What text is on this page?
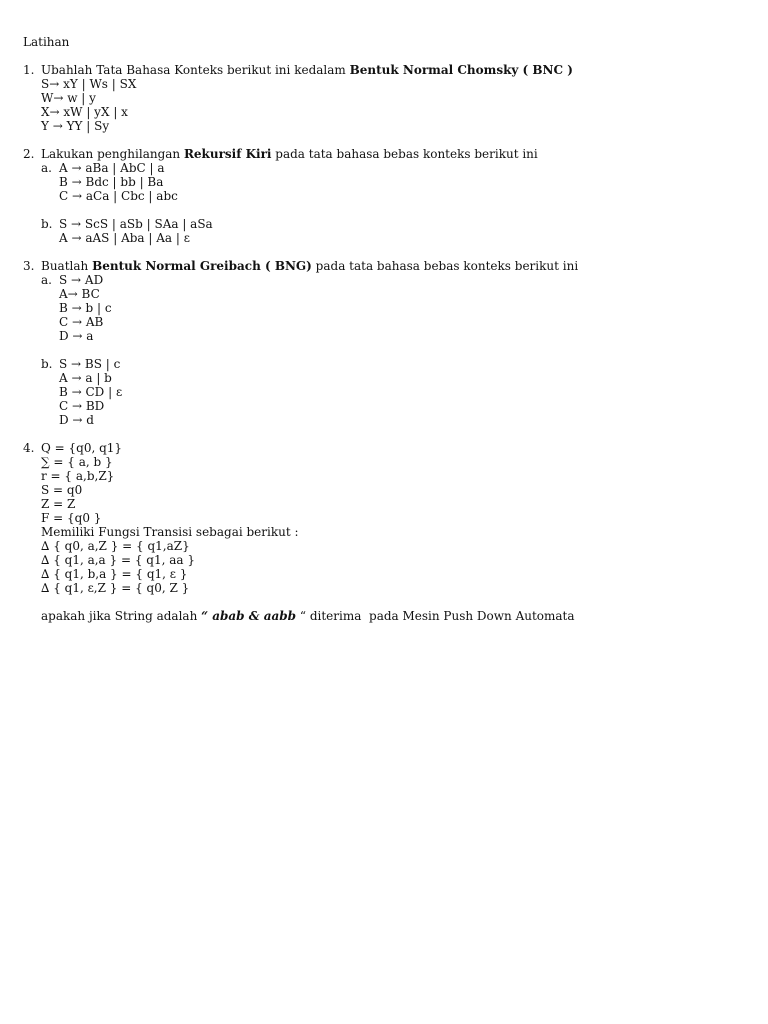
Latihan
1. Ubahlah Tata Bahasa Konteks berikut ini kedalam Bentuk Normal Chomsky ( BNC )
S→ xY | Ws | SX
W→ w | y
X→ xW | yX | x
Y → YY | Sy
2. Lakukan penghilangan Rekursif Kiri pada tata bahasa bebas konteks berikut ini
a. A → aBa | AbC | a
B → Bdc | bb | Ba
C → aCa | Cbc | abc
b. S → ScS | aSb | SAa | aSa
A → aAS | Aba | Aa | ε
3. Buatlah Bentuk Normal Greibach ( BNG) pada tata bahasa bebas konteks berikut ini
a. S → AD
A→ BC
B → b | c
C → AB
D → a
b. S → BS | c
A → a | b
B → CD | ε
C → BD
D → d
4. Q = {q0, q1}
∑ = { a, b }
r = { a,b,Z}
S = q0
Z = Z
F = {q0 }
Memiliki Fungsi Transisi sebagai berikut :
∆ { q0, a,Z } = { q1,aZ}
∆ { q1, a,a } = { q1, aa }
∆ { q1, b,a } = { q1, ε }
∆ { q1, ε,Z } = { q0, Z }
apakah jika String adalah “ abab & aabb “ diterima  pada Mesin Push Down Automata
